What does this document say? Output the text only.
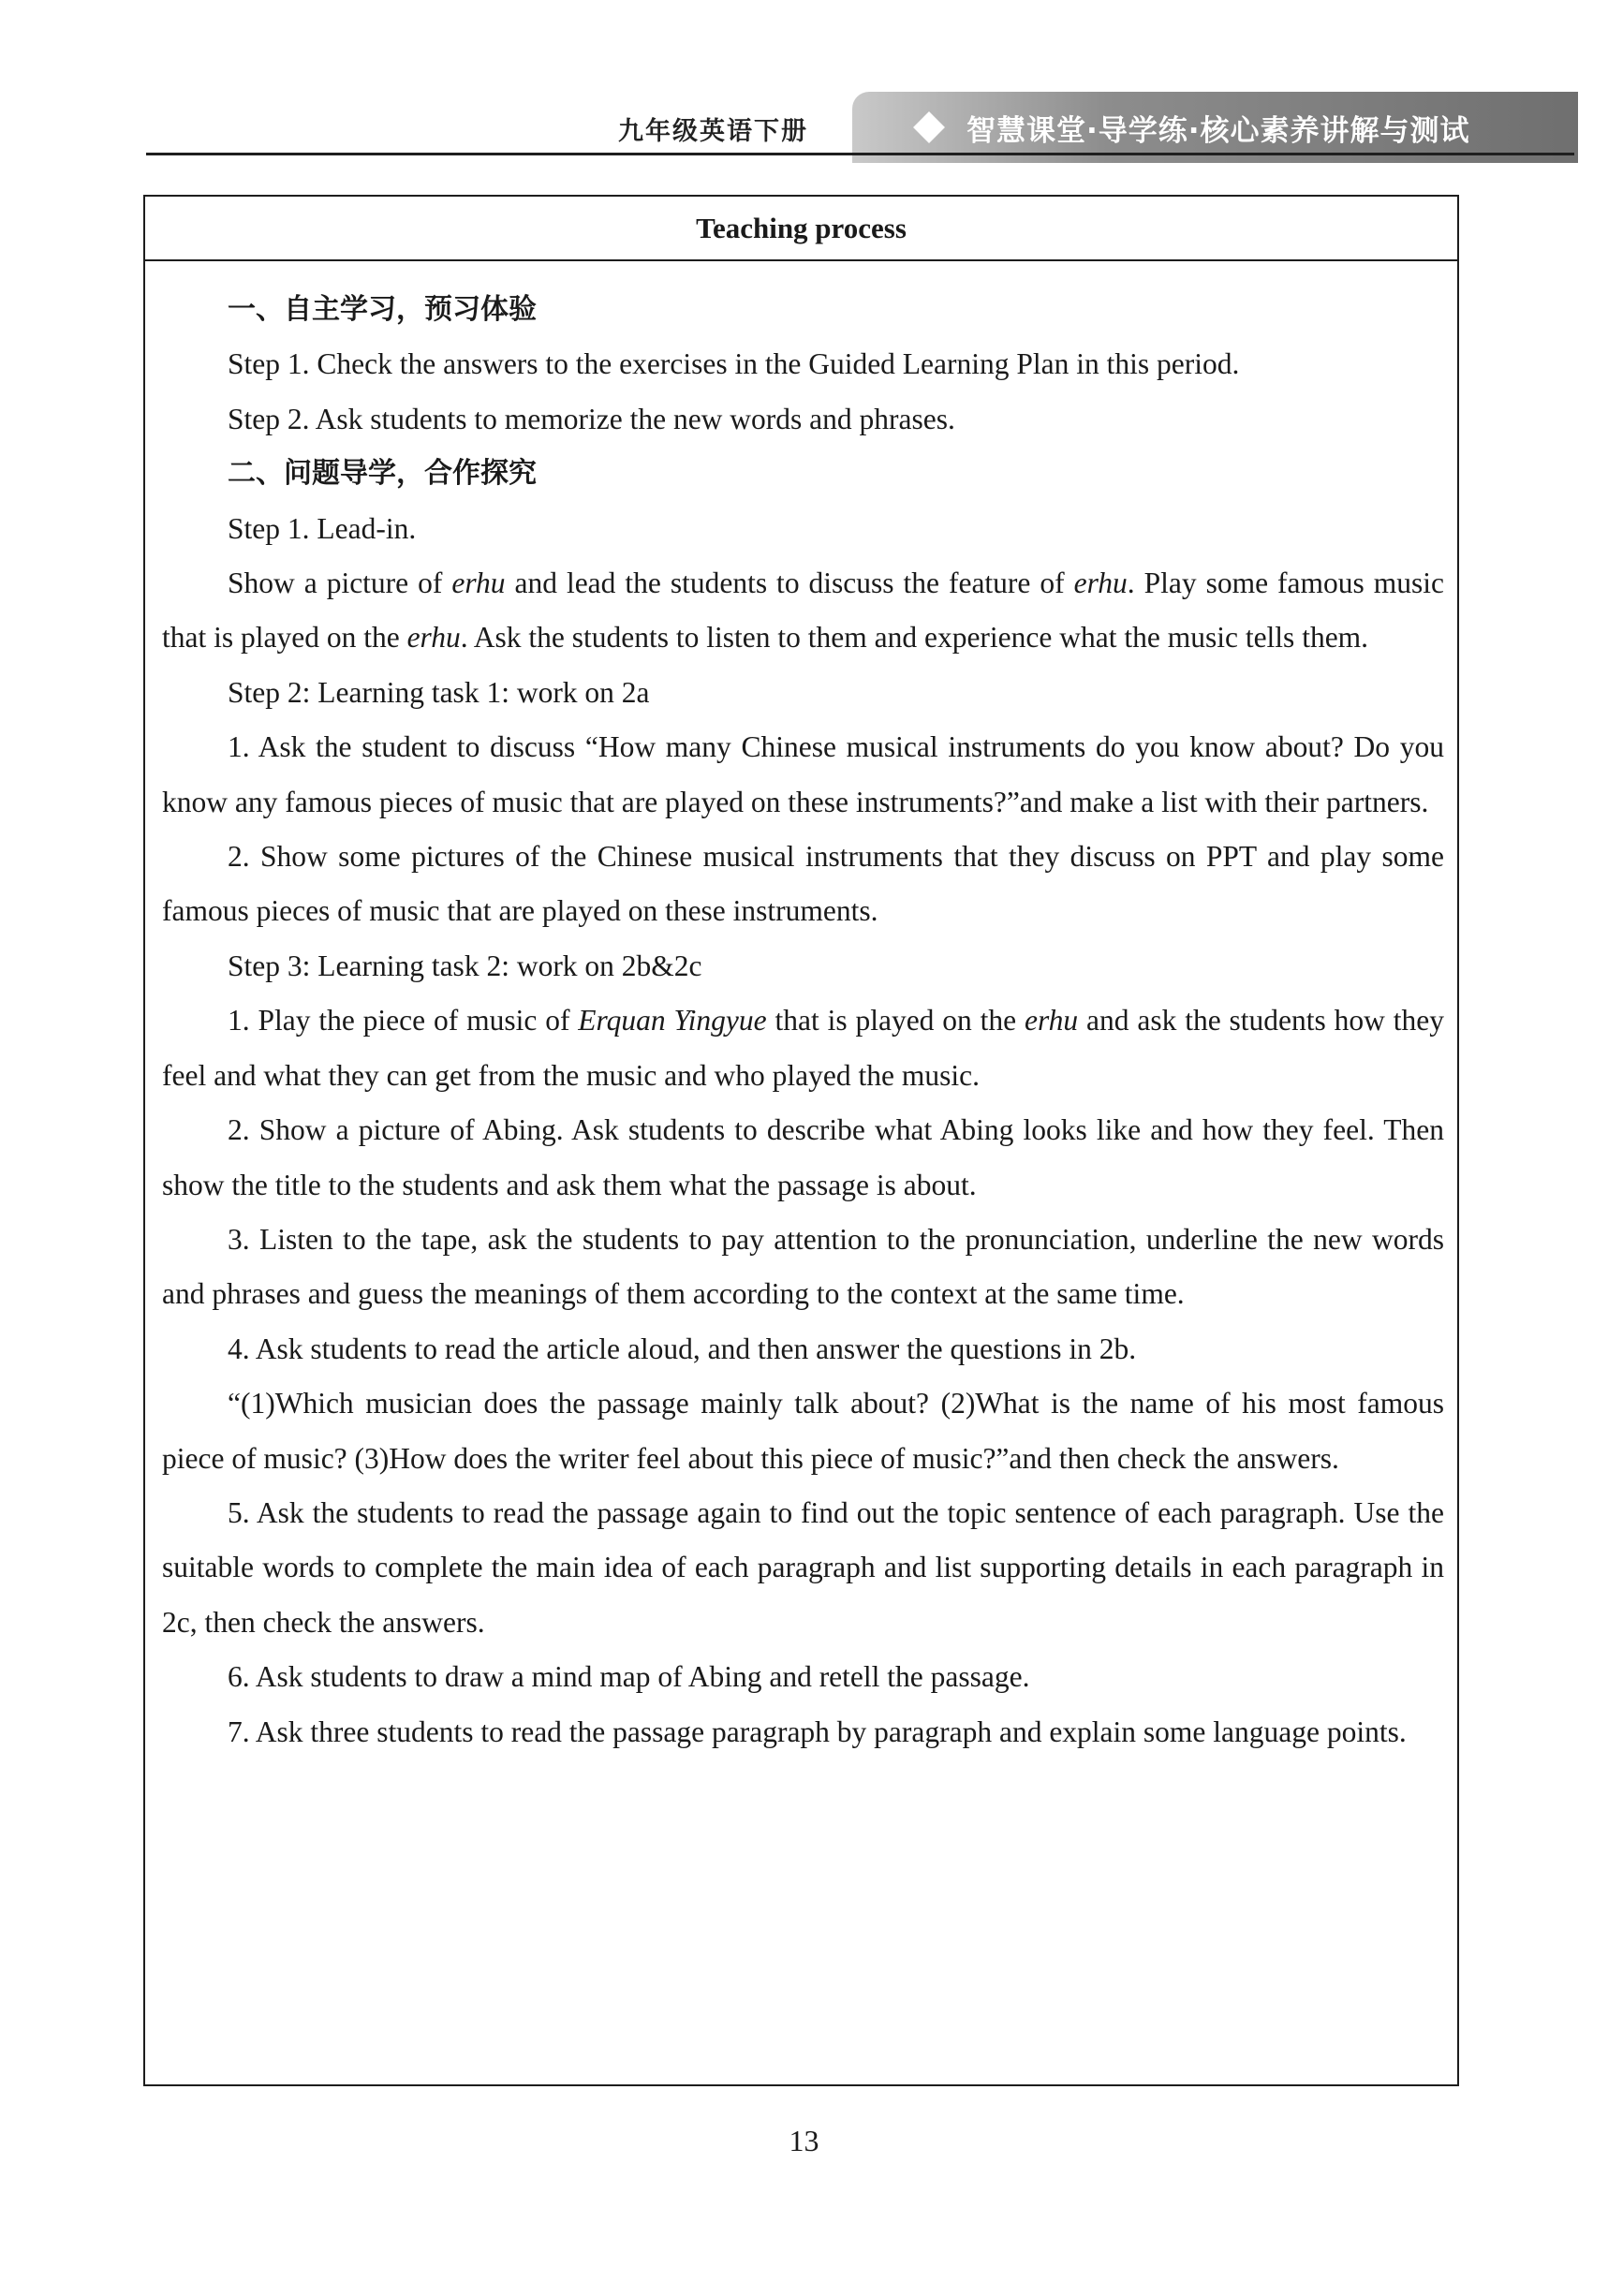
九年级英语下册	智慧课堂·导学练·核心素养讲解与测试
Teaching process

一、自主学习，预习体验

Step 1. Check the answers to the exercises in the Guided Learning Plan in this period.

Step 2. Ask students to memorize the new words and phrases.

二、问题导学，合作探究

Step 1. Lead-in.

Show a picture of erhu and lead the students to discuss the feature of erhu. Play some famous music that is played on the erhu. Ask the students to listen to them and experience what the music tells them.

Step 2: Learning task 1: work on 2a

1. Ask the student to discuss “How many Chinese musical instruments do you know about? Do you know any famous pieces of music that are played on these instruments?”and make a list with their partners.

2. Show some pictures of the Chinese musical instruments that they discuss on PPT and play some famous pieces of music that are played on these instruments.

Step 3: Learning task 2: work on 2b&2c

1. Play the piece of music of Erquan Yingyue that is played on the erhu and ask the students how they feel and what they can get from the music and who played the music.

2. Show a picture of Abing. Ask students to describe what Abing looks like and how they feel. Then show the title to the students and ask them what the passage is about.

3. Listen to the tape, ask the students to pay attention to the pronunciation, underline the new words and phrases and guess the meanings of them according to the context at the same time.

4. Ask students to read the article aloud, and then answer the questions in 2b.

“(1)Which musician does the passage mainly talk about? (2)What is the name of his most famous piece of music? (3)How does the writer feel about this piece of music?”and then check the answers.

5. Ask the students to read the passage again to find out the topic sentence of each paragraph. Use the suitable words to complete the main idea of each paragraph and list supporting details in each paragraph in 2c, then check the answers.

6. Ask students to draw a mind map of Abing and retell the passage.

7. Ask three students to read the passage paragraph by paragraph and explain some language points.

13
